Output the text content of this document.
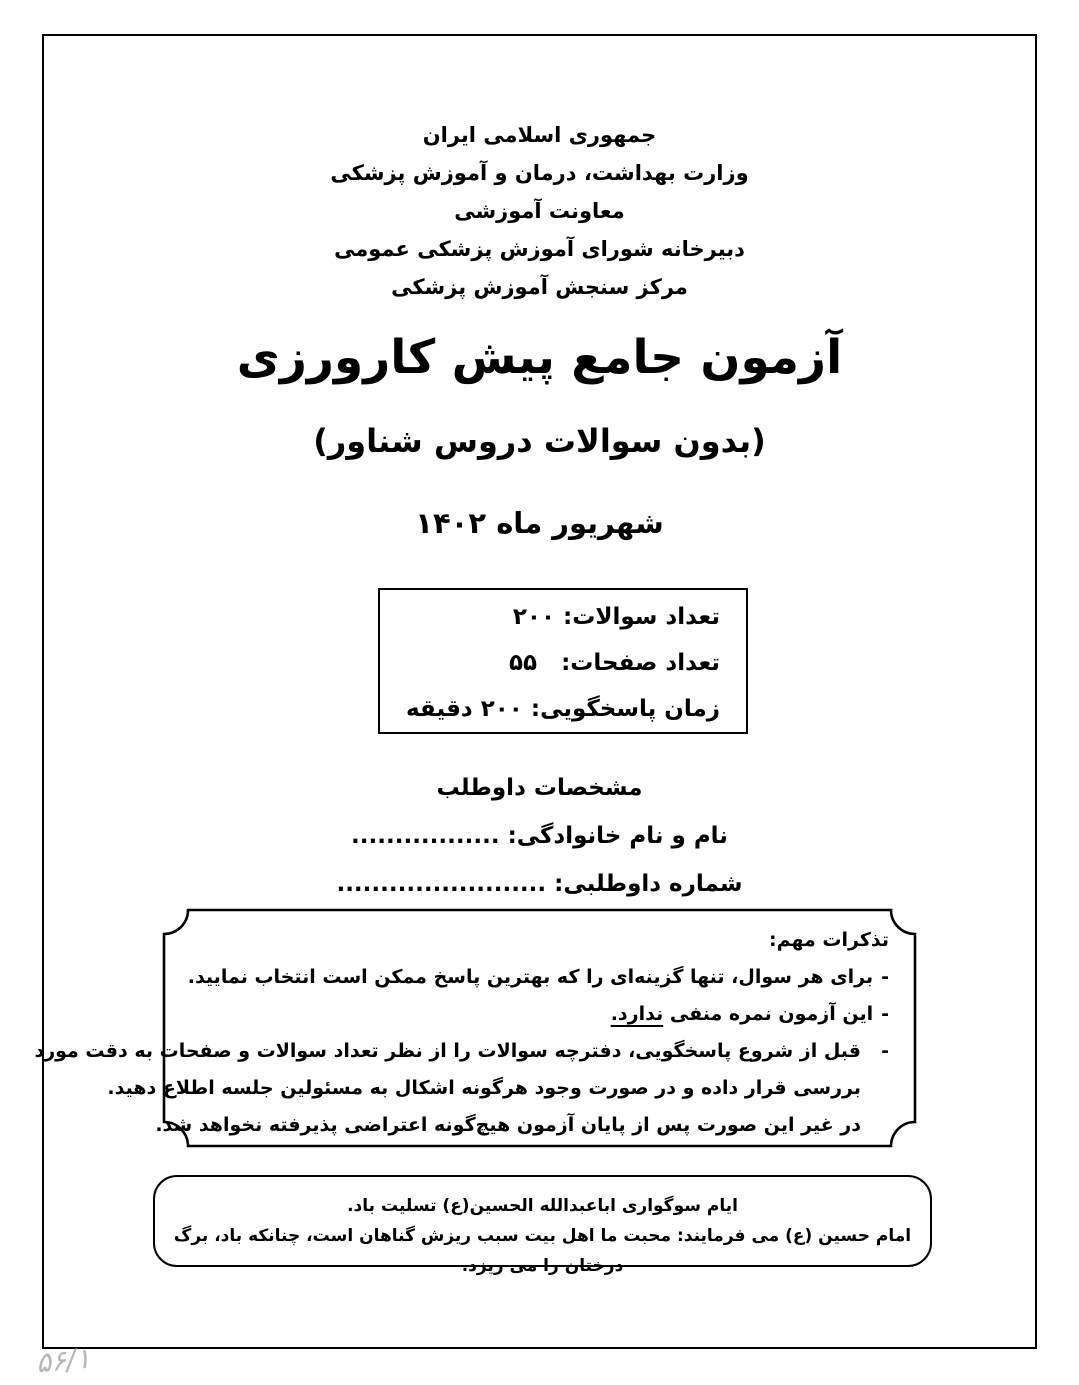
جمهوری اسلامی ایران
وزارت بهداشت، درمان و آموزش پزشکی
معاونت آموزشی
دبیرخانه شورای آموزش پزشکی عمومی
مرکز سنجش آموزش پزشکی
آزمون جامع پیش کارورزی
(بدون سوالات دروس شناور)
شهریور ماه ۱۴۰۲
تعداد سوالات: ۲۰۰
تعداد صفحات:   ۵۵
زمان پاسخگویی: ۲۰۰ دقیقه
مشخصات داوطلب
نام و نام خانوادگی: .................
شماره داوطلبی: ........................
تذکرات مهم:
-برای هر سوال، تنها گزینه‌ای را که بهترین پاسخ ممکن است انتخاب نمایید.
-این آزمون نمره منفی ندارد.
-
قبل از شروع پاسخگویی، دفترچه سوالات را از نظر تعداد سوالات و صفحات به دقت مورد
بررسی قرار داده و در صورت وجود هرگونه اشکال به مسئولین جلسه اطلاع دهید.
در غیر این صورت پس از پایان آزمون هیچ‌گونه اعتراضی پذیرفته نخواهد شد.
ایام سوگواری اباعبدالله الحسین(ع) تسلیت باد.
امام حسین (ع) می فرمایند: محبت ما اهل بیت سبب ریزش گناهان است، چنانکه باد، برگ درختان را می ریزد.
۵۶/۱
